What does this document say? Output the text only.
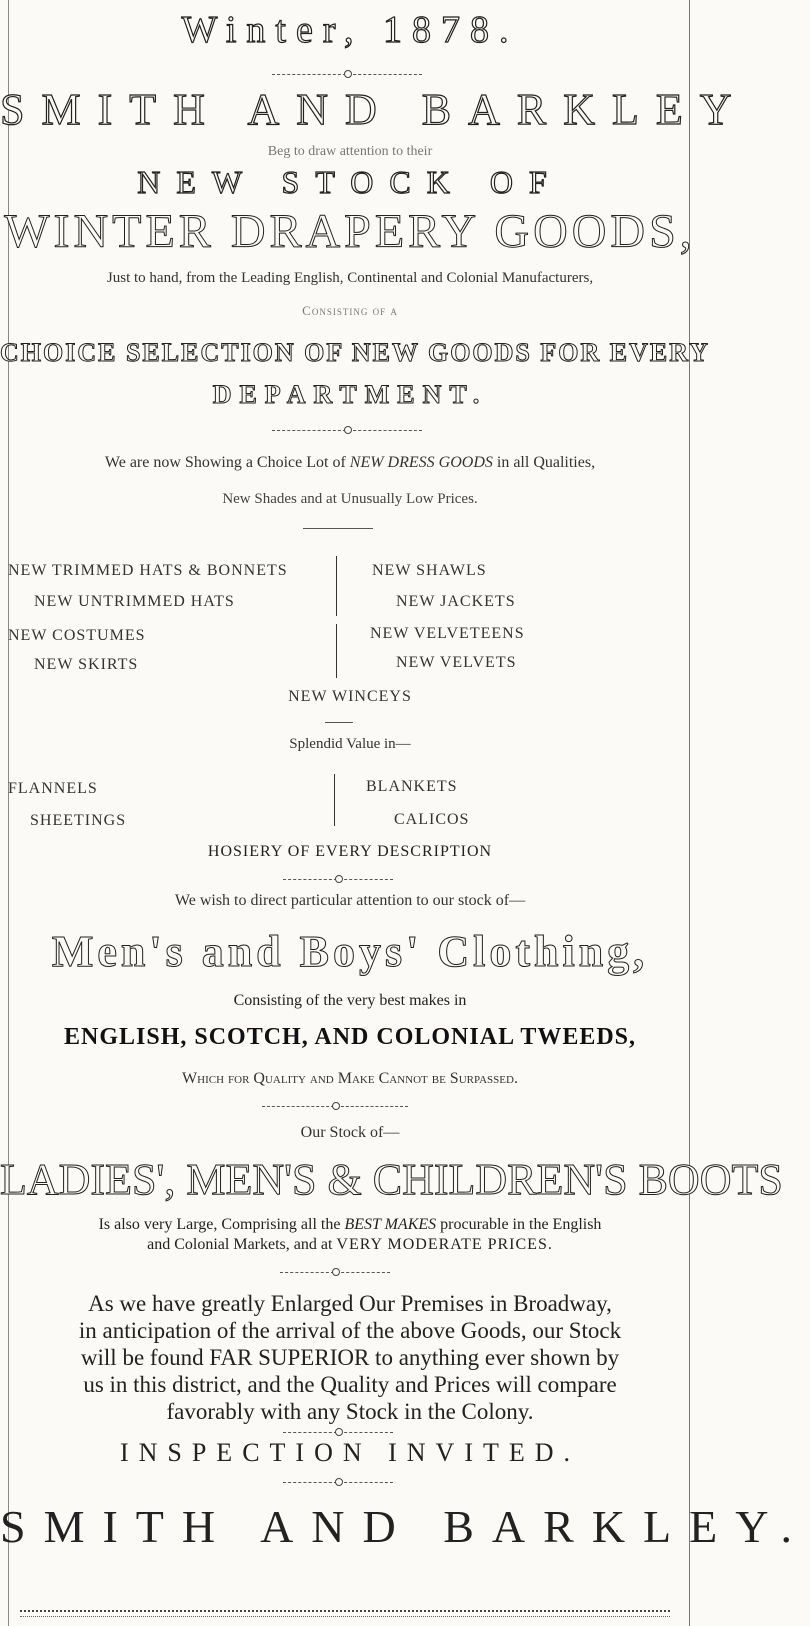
Winter, 1878.
SMITH AND BARKLEY
Beg to draw attention to their
NEW STOCK OF
WINTER DRAPERY GOODS,
Just to hand, from the Leading English, Continental and Colonial Manufacturers,
Consisting of a
CHOICE SELECTION OF NEW GOODS FOR EVERY
DEPARTMENT.
We are now Showing a Choice Lot of NEW DRESS GOODS in all Qualities,
New Shades and at Unusually Low Prices.
NEW TRIMMED HATS & BONNETS
NEW UNTRIMMED HATS
NEW COSTUMES
NEW SKIRTS
NEW SHAWLS
NEW JACKETS
NEW VELVETEENS
NEW VELVETS
NEW WINCEYS
Splendid Value in—
FLANNELS
SHEETINGS
BLANKETS
CALICOS
HOSIERY OF EVERY DESCRIPTION
We wish to direct particular attention to our stock of—
Men's and Boys' Clothing,
Consisting of the very best makes in
ENGLISH, SCOTCH, AND COLONIAL TWEEDS,
Which for Quality and Make Cannot be Surpassed.
Our Stock of—
LADIES', MEN'S & CHILDREN'S BOOTS
Is also very Large, Comprising all the BEST MAKES procurable in the English
and Colonial Markets, and at VERY MODERATE PRICES.
As we have greatly Enlarged Our Premises in Broadway,
in anticipation of the arrival of the above Goods, our Stock
will be found FAR SUPERIOR to anything ever shown by
us in this district, and the Quality and Prices will compare
favorably with any Stock in the Colony.
INSPECTION INVITED.
SMITH AND BARKLEY.
